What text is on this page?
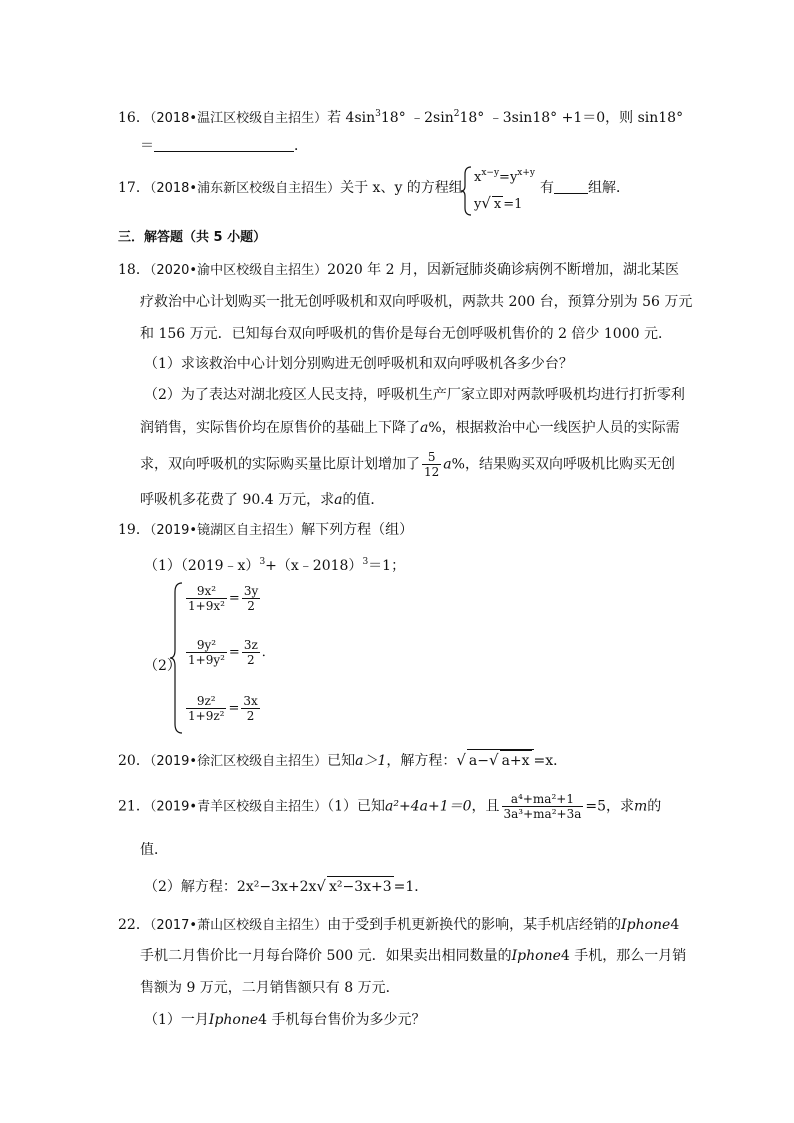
16．（2018•温江区校级自主招生）若 $4\sin^318^\circ$ $﹣2\sin^218^\circ$ ﹣3sin18° +1＝0，则 sin18°
＝	．
17．（2018•浦东新区校级自主招生）关于 x、y 的方程组
$x^{x-y}=y^{x+y}$
y√ x =1
有 组解．
三．解答题（共 5 小题）
18．（2020•渝中区校级自主招生）2020 年 2 月，因新冠肺炎确诊病例不断增加，湖北某医
疗救治中心计划购买一批无创呼吸机和双向呼吸机，两款共 200 台，预算分别为 56 万元
和 156 万元．已知每台双向呼吸机的售价是每台无创呼吸机售价的 2 倍少 1000 元．
（1）求该救治中心计划分别购进无创呼吸机和双向呼吸机各多少台？
（2）为了表达对湖北疫区人民支持，呼吸机生产厂家立即对两款呼吸机均进行打折零利
润销售，实际售价均在原售价的基础上下降了a%，根据救治中心一线医护人员的实际需
求，双向呼吸机的实际购买量比原计划增加了 $\frac{5}{12} a\%$，结果购买双向呼吸机比购买无创
呼吸机多花费了 90.4 万元，求a的值．
19．（2019•镜湖区自主招生）解下列方程（组）
（1）（2019﹣x）$^3$+（x﹣2018）$^3$＝1；
（2）
$\frac{\text{9x²}}{\text{1+9x²}} = \frac{3y}{2}$
$\frac{\text{9y²}}{\text{1+9y²}} = \frac{3z}{2}$ ．
$\frac{\text{9z²}}{\text{1+9z²}} = \frac{3x}{2}$
20．（2019•徐汇区校级自主招生）已知a＞1，解方程：√ a−√ a+x =x．
21．（2019•青羊区校级自主招生）（1）已知a²+4a+1＝0，且 $\frac{\text{a⁴+ma²+1}}{\text{3a³+ma²+3a}} =5$，求m的
值．
（2）解方程：2x²−3x+2x√ x²−3x+3 =1．
22．（2017•萧山区校级自主招生）由于受到手机更新换代的影响，某手机店经销的Iphone4
手机二月售价比一月每台降价 500 元．如果卖出相同数量的Iphone4 手机，那么一月销
售额为 9 万元，二月销售额只有 8 万元．
（1）一月Iphone4 手机每台售价为多少元？
